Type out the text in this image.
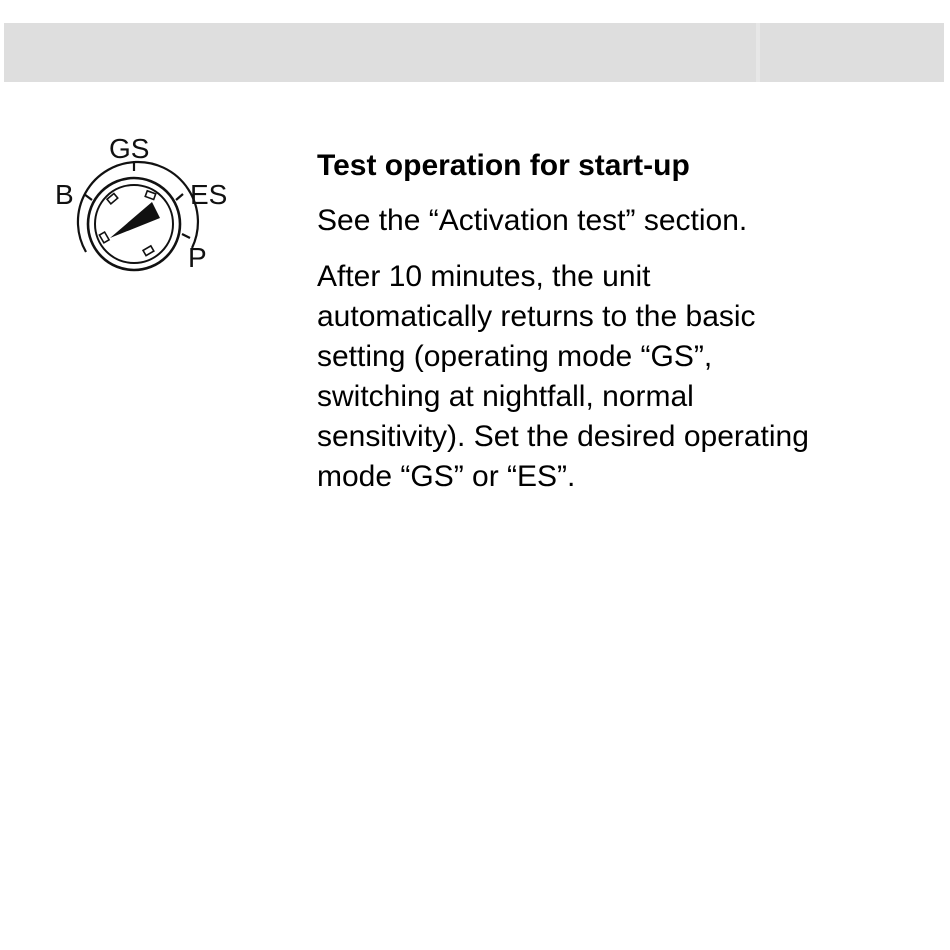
GS
B	ES
P
Test operation for start-up
See the “Activation test” section.
After 10 minutes, the unit
automatically returns to the basic
setting (operating mode “GS”,
switching at nightfall, normal
sensitivity). Set the desired operating
mode “GS” or “ES”.
